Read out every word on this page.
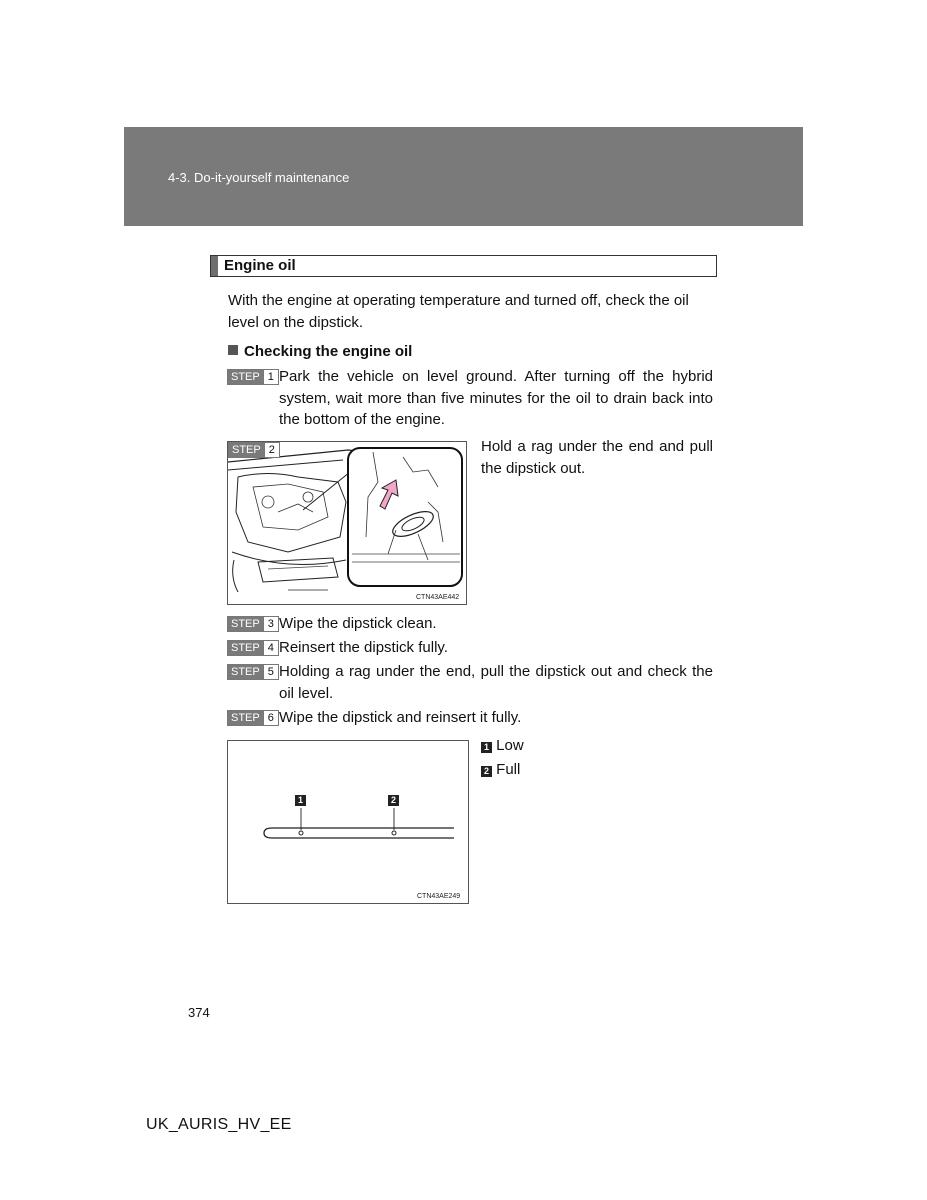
4-3. Do-it-yourself maintenance
Engine oil
With the engine at operating temperature and turned off, check the oil level on the dipstick.
Checking the engine oil
STEP 1 Park the vehicle on level ground. After turning off the hybrid system, wait more than five minutes for the oil to drain back into the bottom of the engine.
STEP 2
CTN43AE442
Hold a rag under the end and pull the dipstick out.
STEP 3 Wipe the dipstick clean.
STEP 4 Reinsert the dipstick fully.
STEP 5 Holding a rag under the end, pull the dipstick out and check the oil level.
STEP 6 Wipe the dipstick and reinsert it fully.
1	2
CTN43AE249
1 Low
2 Full
374
UK_AURIS_HV_EE
